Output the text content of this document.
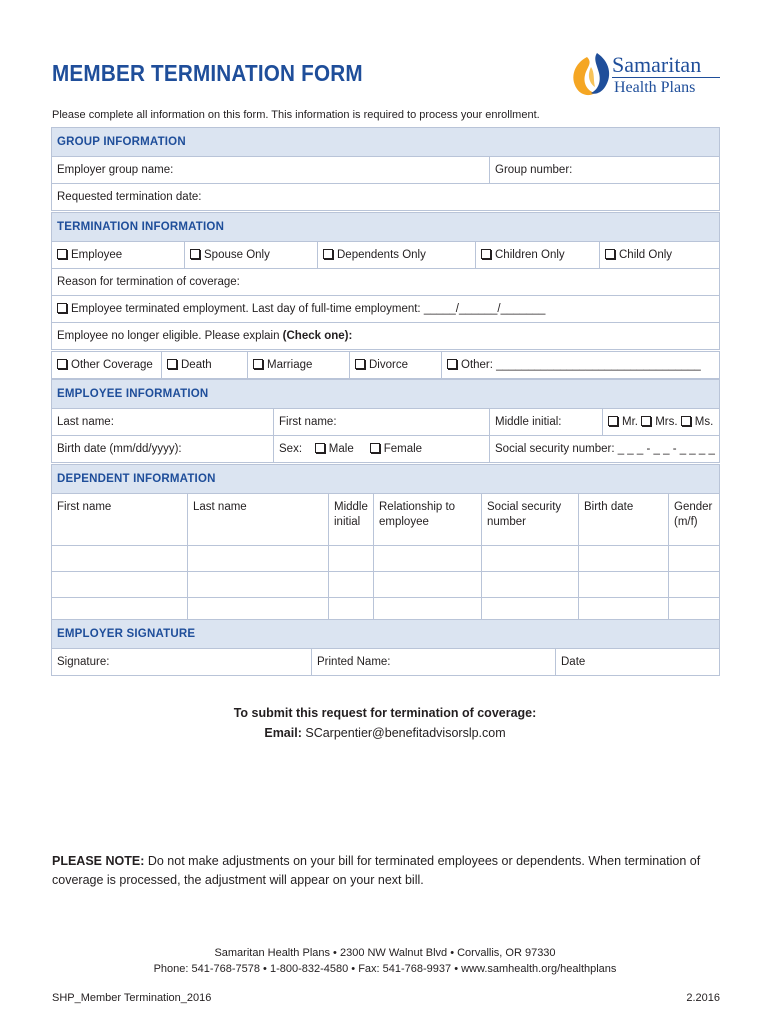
MEMBER TERMINATION FORM	Samaritan
Health Plans
Please complete all information on this form. This information is required to process your enrollment.
GROUP INFORMATION
Employer group name:	Group number:
Requested termination date:
TERMINATION INFORMATION
Employee	Spouse Only	Dependents Only	Children Only	Child Only
Reason for termination of coverage:
Employee terminated employment. Last day of full-time employment: _____/______/_______
Employee no longer eligible. Please explain (Check one):
Other Coverage	Death	Marriage	Divorce	Other: ________________________________
EMPLOYEE INFORMATION			
Last name:	First name:	Middle initial:	Mr. Mrs. Ms.
Birth date (mm/dd/yyyy):	Sex: Male Female	Social security number: _ _ _ - _ _ - _ _ _ _	
DEPENDENT INFORMATION						
First name	Last name	Middle initial	Relationship to employee	Social security number	Birth date	Gender (m/f)

EMPLOYER SIGNATURE
Signature:	Printed Name:	Date
To submit this request for termination of coverage:
Email: SCarpentier@benefitadvisorslp.com
PLEASE NOTE: Do not make adjustments on your bill for terminated employees or dependents. When termination of coverage is processed, the adjustment will appear on your next bill.
Samaritan Health Plans • 2300 NW Walnut Blvd • Corvallis, OR 97330
Phone: 541-768-7578 • 1-800-832-4580 • Fax: 541-768-9937 • www.samhealth.org/healthplans
SHP_Member Termination_2016	2.2016
